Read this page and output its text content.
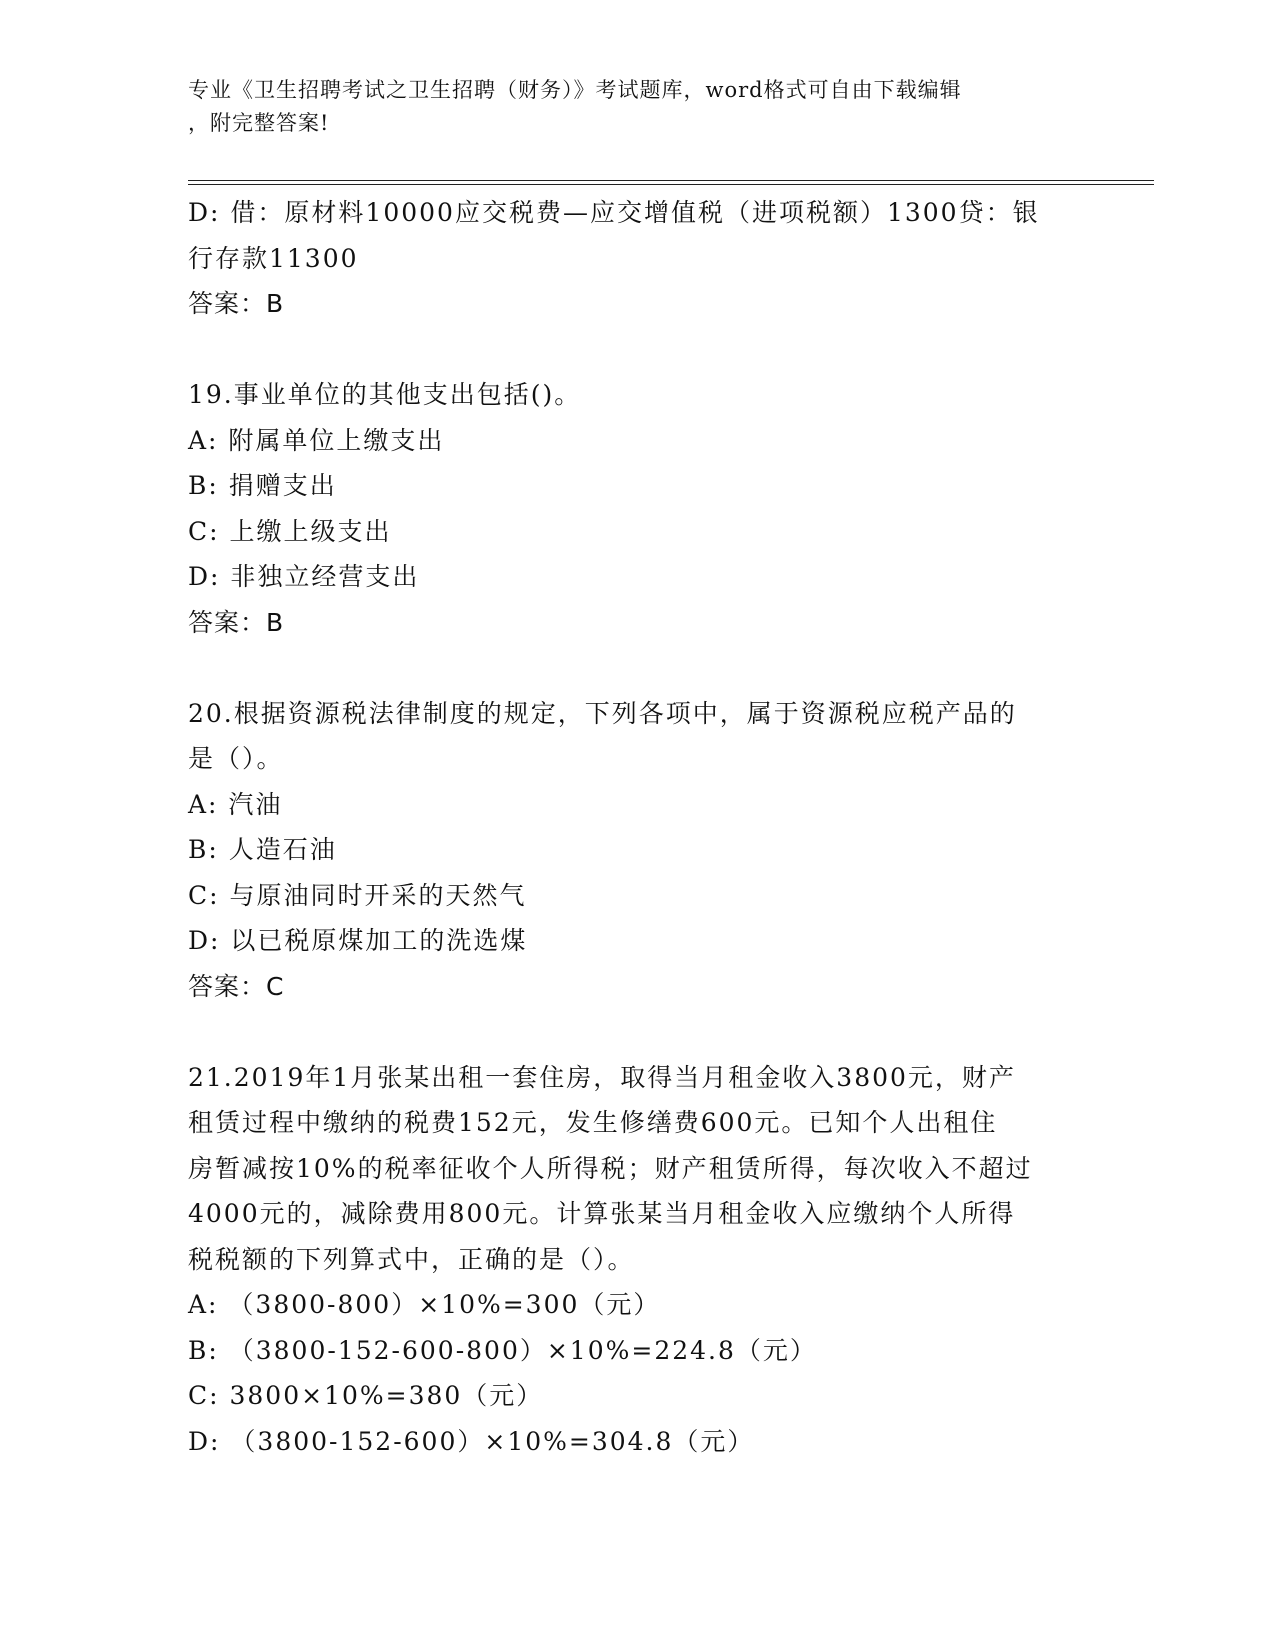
专业《卫生招聘考试之卫生招聘（财务）》考试题库，word格式可自由下载编辑
，附完整答案!
D: 借：原材料10000应交税费—应交增值税（进项税额）1300贷：银
行存款11300
答案：B
19.事业单位的其他支出包括()。
A: 附属单位上缴支出
B: 捐赠支出
C: 上缴上级支出
D: 非独立经营支出
答案：B
20.根据资源税法律制度的规定，下列各项中，属于资源税应税产品的
是（）。
A: 汽油
B: 人造石油
C: 与原油同时开采的天然气
D: 以已税原煤加工的洗选煤
答案：C
21.2019年1月张某出租一套住房，取得当月租金收入3800元，财产
租赁过程中缴纳的税费152元，发生修缮费600元。已知个人出租住
房暂减按10%的税率征收个人所得税；财产租赁所得，每次收入不超过
4000元的，减除费用800元。计算张某当月租金收入应缴纳个人所得
税税额的下列算式中，正确的是（）。
A: （3800-800）×10%=300（元）
B: （3800-152-600-800）×10%=224.8（元）
C: 3800×10%=380（元）
D: （3800-152-600）×10%=304.8（元）
